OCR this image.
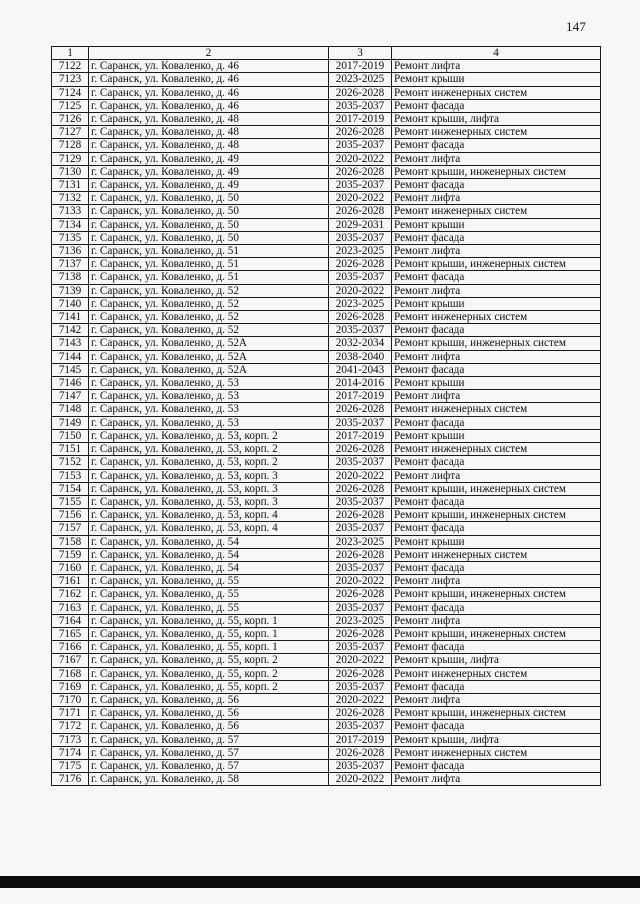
147
1	2	3	4
7122	г. Саранск, ул. Коваленко, д. 46	2017-2019	Ремонт лифта
7123	г. Саранск, ул. Коваленко, д. 46	2023-2025	Ремонт крыши
7124	г. Саранск, ул. Коваленко, д. 46	2026-2028	Ремонт инженерных систем
7125	г. Саранск, ул. Коваленко, д. 46	2035-2037	Ремонт фасада
7126	г. Саранск, ул. Коваленко, д. 48	2017-2019	Ремонт крыши, лифта
7127	г. Саранск, ул. Коваленко, д. 48	2026-2028	Ремонт инженерных систем
7128	г. Саранск, ул. Коваленко, д. 48	2035-2037	Ремонт фасада
7129	г. Саранск, ул. Коваленко, д. 49	2020-2022	Ремонт лифта
7130	г. Саранск, ул. Коваленко, д. 49	2026-2028	Ремонт крыши, инженерных систем
7131	г. Саранск, ул. Коваленко, д. 49	2035-2037	Ремонт фасада
7132	г. Саранск, ул. Коваленко, д. 50	2020-2022	Ремонт лифта
7133	г. Саранск, ул. Коваленко, д. 50	2026-2028	Ремонт инженерных систем
7134	г. Саранск, ул. Коваленко, д. 50	2029-2031	Ремонт крыши
7135	г. Саранск, ул. Коваленко, д. 50	2035-2037	Ремонт фасада
7136	г. Саранск, ул. Коваленко, д. 51	2023-2025	Ремонт лифта
7137	г. Саранск, ул. Коваленко, д. 51	2026-2028	Ремонт крыши, инженерных систем
7138	г. Саранск, ул. Коваленко, д. 51	2035-2037	Ремонт фасада
7139	г. Саранск, ул. Коваленко, д. 52	2020-2022	Ремонт лифта
7140	г. Саранск, ул. Коваленко, д. 52	2023-2025	Ремонт крыши
7141	г. Саранск, ул. Коваленко, д. 52	2026-2028	Ремонт инженерных систем
7142	г. Саранск, ул. Коваленко, д. 52	2035-2037	Ремонт фасада
7143	г. Саранск, ул. Коваленко, д. 52А	2032-2034	Ремонт крыши, инженерных систем
7144	г. Саранск, ул. Коваленко, д. 52А	2038-2040	Ремонт лифта
7145	г. Саранск, ул. Коваленко, д. 52А	2041-2043	Ремонт фасада
7146	г. Саранск, ул. Коваленко, д. 53	2014-2016	Ремонт крыши
7147	г. Саранск, ул. Коваленко, д. 53	2017-2019	Ремонт лифта
7148	г. Саранск, ул. Коваленко, д. 53	2026-2028	Ремонт инженерных систем
7149	г. Саранск, ул. Коваленко, д. 53	2035-2037	Ремонт фасада
7150	г. Саранск, ул. Коваленко, д. 53, корп. 2	2017-2019	Ремонт крыши
7151	г. Саранск, ул. Коваленко, д. 53, корп. 2	2026-2028	Ремонт инженерных систем
7152	г. Саранск, ул. Коваленко, д. 53, корп. 2	2035-2037	Ремонт фасада
7153	г. Саранск, ул. Коваленко, д. 53, корп. 3	2020-2022	Ремонт лифта
7154	г. Саранск, ул. Коваленко, д. 53, корп. 3	2026-2028	Ремонт крыши, инженерных систем
7155	г. Саранск, ул. Коваленко, д. 53, корп. 3	2035-2037	Ремонт фасада
7156	г. Саранск, ул. Коваленко, д. 53, корп. 4	2026-2028	Ремонт крыши, инженерных систем
7157	г. Саранск, ул. Коваленко, д. 53, корп. 4	2035-2037	Ремонт фасада
7158	г. Саранск, ул. Коваленко, д. 54	2023-2025	Ремонт крыши
7159	г. Саранск, ул. Коваленко, д. 54	2026-2028	Ремонт инженерных систем
7160	г. Саранск, ул. Коваленко, д. 54	2035-2037	Ремонт фасада
7161	г. Саранск, ул. Коваленко, д. 55	2020-2022	Ремонт лифта
7162	г. Саранск, ул. Коваленко, д. 55	2026-2028	Ремонт крыши, инженерных систем
7163	г. Саранск, ул. Коваленко, д. 55	2035-2037	Ремонт фасада
7164	г. Саранск, ул. Коваленко, д. 55, корп. 1	2023-2025	Ремонт лифта
7165	г. Саранск, ул. Коваленко, д. 55, корп. 1	2026-2028	Ремонт крыши, инженерных систем
7166	г. Саранск, ул. Коваленко, д. 55, корп. 1	2035-2037	Ремонт фасада
7167	г. Саранск, ул. Коваленко, д. 55, корп. 2	2020-2022	Ремонт крыши, лифта
7168	г. Саранск, ул. Коваленко, д. 55, корп. 2	2026-2028	Ремонт инженерных систем
7169	г. Саранск, ул. Коваленко, д. 55, корп. 2	2035-2037	Ремонт фасада
7170	г. Саранск, ул. Коваленко, д. 56	2020-2022	Ремонт лифта
7171	г. Саранск, ул. Коваленко, д. 56	2026-2028	Ремонт крыши, инженерных систем
7172	г. Саранск, ул. Коваленко, д. 56	2035-2037	Ремонт фасада
7173	г. Саранск, ул. Коваленко, д. 57	2017-2019	Ремонт крыши, лифта
7174	г. Саранск, ул. Коваленко, д. 57	2026-2028	Ремонт инженерных систем
7175	г. Саранск, ул. Коваленко, д. 57	2035-2037	Ремонт фасада
7176	г. Саранск, ул. Коваленко, д. 58	2020-2022	Ремонт лифта
